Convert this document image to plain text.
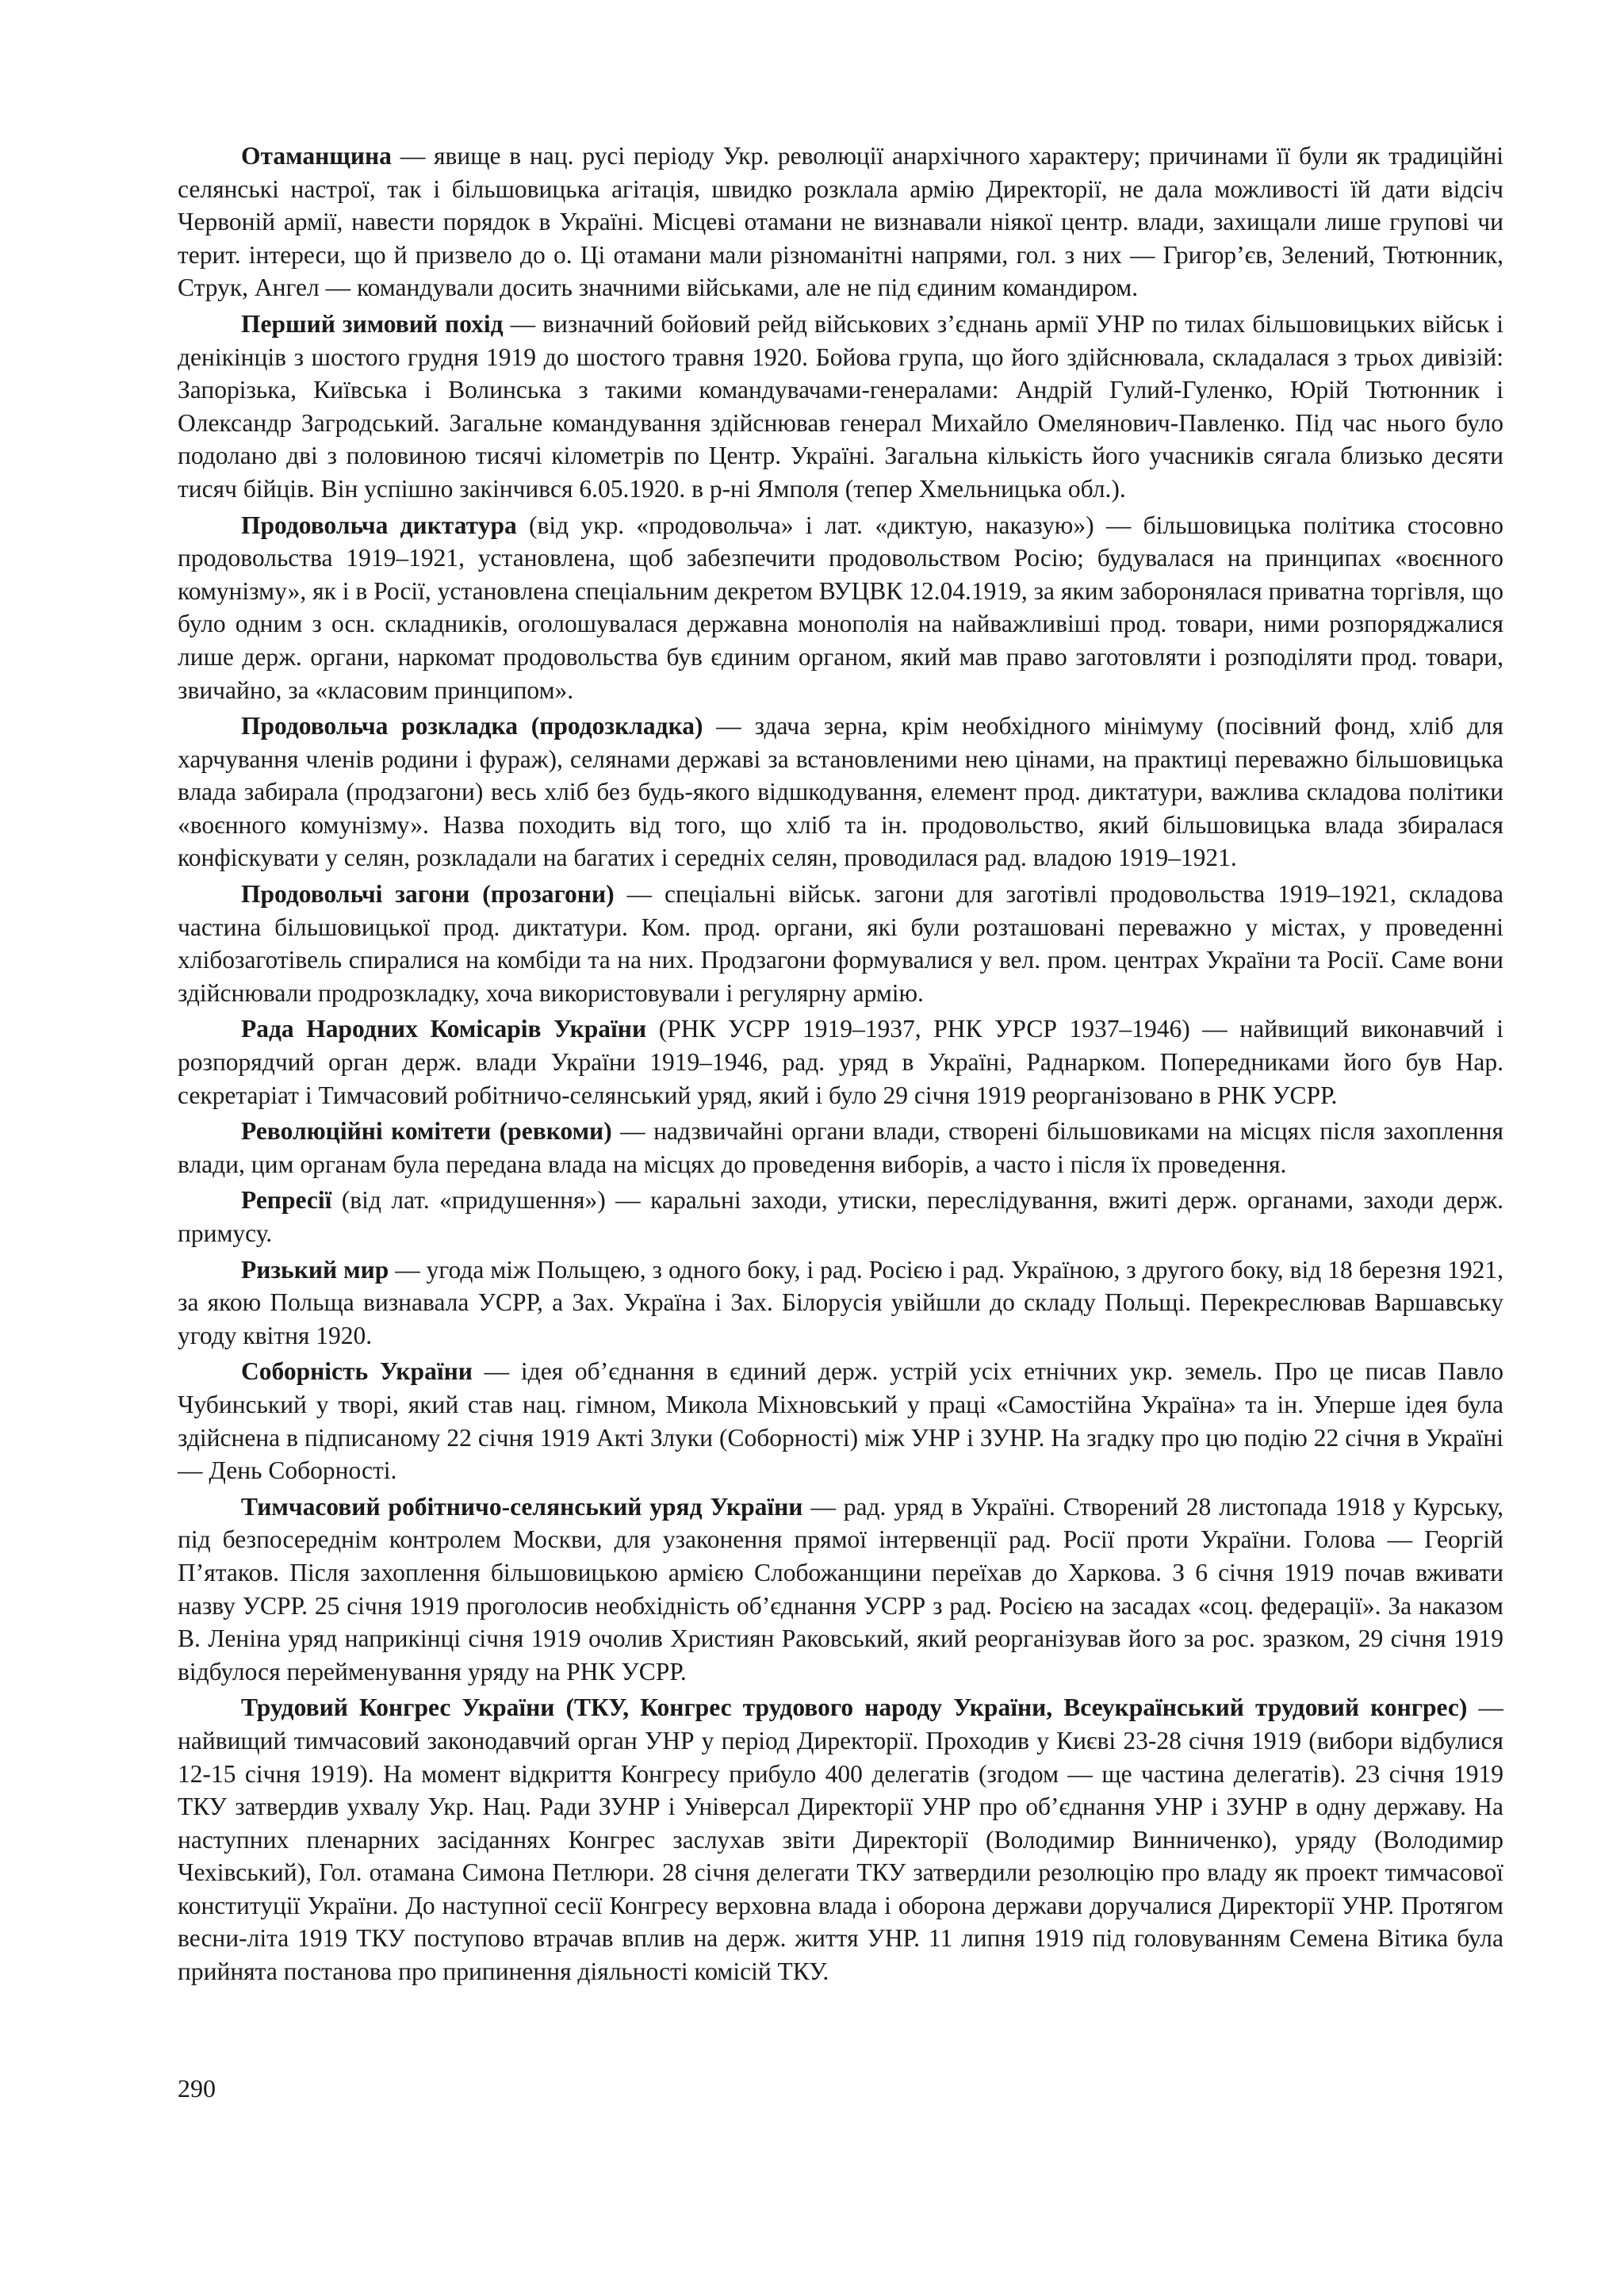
Отаманщина — явище в нац. русі періоду Укр. революції анархічного характеру; причинами її були як традиційні селянські настрої, так і більшовицька агітація, швидко розклала армію Директорії, не дала можливості їй дати відсіч Червоній армії, навести порядок в Україні. Місцеві отамани не визнавали ніякої центр. влади, захищали лише групові чи терит. інтереси, що й призвело до о. Ці отамани мали різноманітні напрями, гол. з них — Григор’єв, Зелений, Тютюнник, Струк, Ангел — командували досить значними військами, але не під єдиним командиром.

Перший зимовий похід — визначний бойовий рейд військових з’єднань армії УНР по тилах більшовицьких військ і денікінців з шостого грудня 1919 до шостого травня 1920. Бойова група, що його здійснювала, складалася з трьох дивізій: Запорізька, Київська і Волинська з такими командувачами-генералами: Андрій Гулий-Гуленко, Юрій Тютюнник і Олександр Загродський. Загальне командування здійснював генерал Михайло Омелянович-Павленко. Під час нього було подолано дві з половиною тисячі кілометрів по Центр. Україні. Загальна кількість його учасників сягала близько десяти тисяч бійців. Він успішно закінчився 6.05.1920. в р-ні Ямполя (тепер Хмельницька обл.).

Продовольча диктатура (від укр. «продовольча» і лат. «диктую, наказую») — більшовицька політика стосовно продовольства 1919–1921, установлена, щоб забезпечити продовольством Росію; будувалася на принципах «воєнного комунізму», як і в Росії, установлена спеціальним декретом ВУЦВК 12.04.1919, за яким заборонялася приватна торгівля, що було одним з осн. складників, оголошувалася державна монополія на найважливіші прод. товари, ними розпоряджалися лише держ. органи, наркомат продовольства був єдиним органом, який мав право заготовляти і розподіляти прод. товари, звичайно, за «класовим принципом».

Продовольча розкладка (продозкладка) — здача зерна, крім необхідного мінімуму (посівний фонд, хліб для харчування членів родини і фураж), селянами державі за встановленими нею цінами, на практиці переважно більшовицька влада забирала (продзагони) весь хліб без будь-якого відшкодування, елемент прод. диктатури, важлива складова політики «воєнного комунізму». Назва походить від того, що хліб та ін. продовольство, який більшовицька влада збиралася конфіскувати у селян, розкладали на багатих і середніх селян, проводилася рад. владою 1919–1921.

Продовольчі загони (прозагони) — спеціальні військ. загони для заготівлі продовольства 1919–1921, складова частина більшовицької прод. диктатури. Ком. прод. органи, які були розташовані переважно у містах, у проведенні хлібозаготівель спиралися на комбіди та на них. Продзагони формувалися у вел. пром. центрах України та Росії. Саме вони здійснювали продрозкладку, хоча використовували і регулярну армію.

Рада Народних Комісарів України (РНК УСРР 1919–1937, РНК УРСР 1937–1946) — найвищий виконавчий і розпорядчий орган держ. влади України 1919–1946, рад. уряд в Україні, Раднарком. Попередниками його був Нар. секретаріат і Тимчасовий робітничо-селянський уряд, який і було 29 січня 1919 реорганізовано в РНК УСРР.

Революційні комітети (ревкоми) — надзвичайні органи влади, створені більшовиками на місцях після захоплення влади, цим органам була передана влада на місцях до проведення виборів, а часто і після їх проведення.

Репресії (від лат. «придушення») — каральні заходи, утиски, переслідування, вжиті держ. органами, заходи держ. примусу.

Ризький мир — угода між Польщею, з одного боку, і рад. Росією і рад. Україною, з другого боку, від 18 березня 1921, за якою Польща визнавала УСРР, а Зах. Україна і Зах. Білорусія увійшли до складу Польщі. Перекреслював Варшавську угоду квітня 1920.

Соборність України — ідея об’єднання в єдиний держ. устрій усіх етнічних укр. земель. Про це писав Павло Чубинський у творі, який став нац. гімном, Микола Міхновський у праці «Самостійна Україна» та ін. Уперше ідея була здійснена в підписаному 22 січня 1919 Акті Злуки (Соборності) між УНР і ЗУНР. На згадку про цю подію 22 січня в Україні — День Соборності.

Тимчасовий робітничо-селянський уряд України — рад. уряд в Україні. Створений 28 листопада 1918 у Курську, під безпосереднім контролем Москви, для узаконення прямої інтервенції рад. Росії проти України. Голова — Георгій П’ятаков. Після захоплення більшовицькою армією Слобожанщини переїхав до Харкова. З 6 січня 1919 почав вживати назву УСРР. 25 січня 1919 проголосив необхідність об’єднання УСРР з рад. Росією на засадах «соц. федерації». За наказом В. Леніна уряд наприкінці січня 1919 очолив Християн Раковський, який реорганізував його за рос. зразком, 29 січня 1919 відбулося перейменування уряду на РНК УСРР.

Трудовий Конгрес України (ТКУ, Конгрес трудового народу України, Всеукраїнський трудовий конгрес) — найвищий тимчасовий законодавчий орган УНР у період Директорії. Проходив у Києві 23-28 січня 1919 (вибори відбулися 12-15 січня 1919). На момент відкриття Конгресу прибуло 400 делегатів (згодом — ще частина делегатів). 23 січня 1919 ТКУ затвердив ухвалу Укр. Нац. Ради ЗУНР і Універсал Директорії УНР про об’єднання УНР і ЗУНР в одну державу. На наступних пленарних засіданнях Конгрес заслухав звіти Директорії (Володимир Винниченко), уряду (Володимир Чехівський), Гол. отамана Симона Петлюри. 28 січня делегати ТКУ затвердили резолюцію про владу як проект тимчасової конституції України. До наступної сесії Конгресу верховна влада і оборона держави доручалися Директорії УНР. Протягом весни-літа 1919 ТКУ поступово втрачав вплив на держ. життя УНР. 11 липня 1919 під головуванням Семена Вітика була прийнята постанова про припинення діяльності комісій ТКУ.

290
